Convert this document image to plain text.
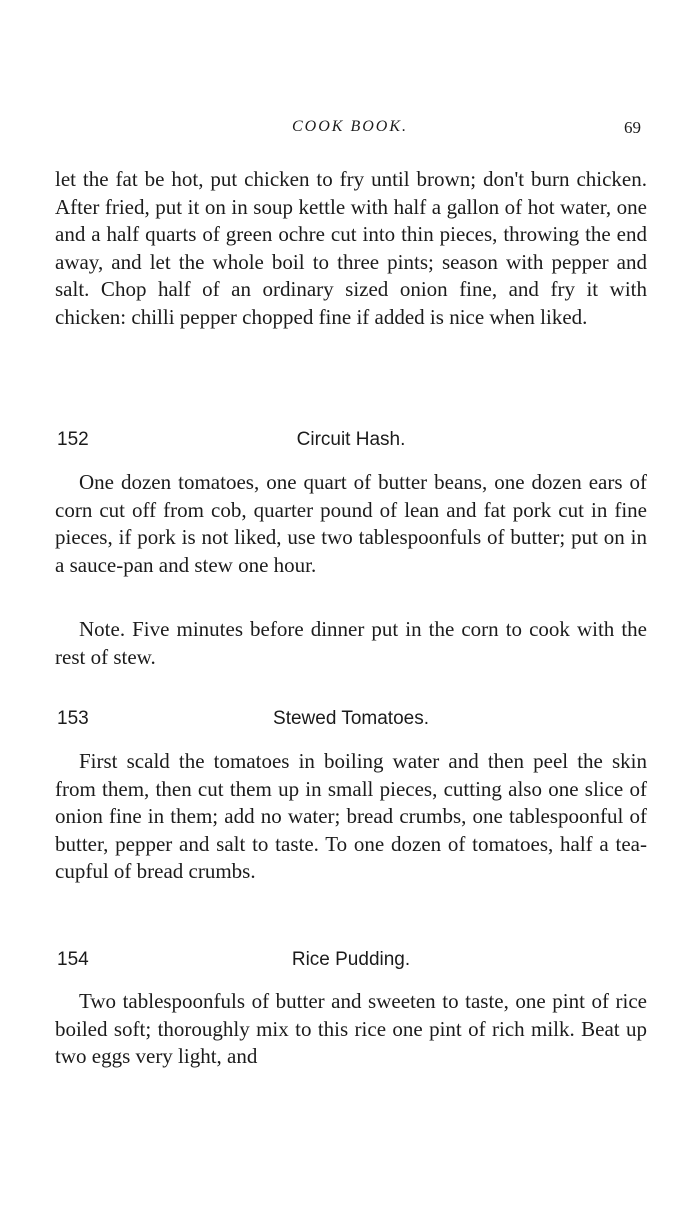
COOK BOOK.	69

let the fat be hot, put chicken to fry until brown; don't burn chicken. After fried, put it on in soup kettle with half a gallon of hot water, one and a half quarts of green ochre cut into thin pieces, throwing the end away, and let the whole boil to three pints; season with pepper and salt. Chop half of an ordinary sized onion fine, and fry it with chicken: chilli pepper chopped fine if added is nice when liked.

152	Circuit Hash.

One dozen tomatoes, one quart of butter beans, one dozen ears of corn cut off from cob, quarter pound of lean and fat pork cut in fine pieces, if pork is not liked, use two tablespoonfuls of butter; put on in a sauce-pan and stew one hour.

Note. Five minutes before dinner put in the corn to cook with the rest of stew.

153	Stewed Tomatoes.

First scald the tomatoes in boiling water and then peel the skin from them, then cut them up in small pieces, cutting also one slice of onion fine in them; add no water; bread crumbs, one tablespoonful of butter, pepper and salt to taste. To one dozen of tomatoes, half a tea-cupful of bread crumbs.

154	Rice Pudding.

Two tablespoonfuls of butter and sweeten to taste, one pint of rice boiled soft; thoroughly mix to this rice one pint of rich milk. Beat up two eggs very light, and
